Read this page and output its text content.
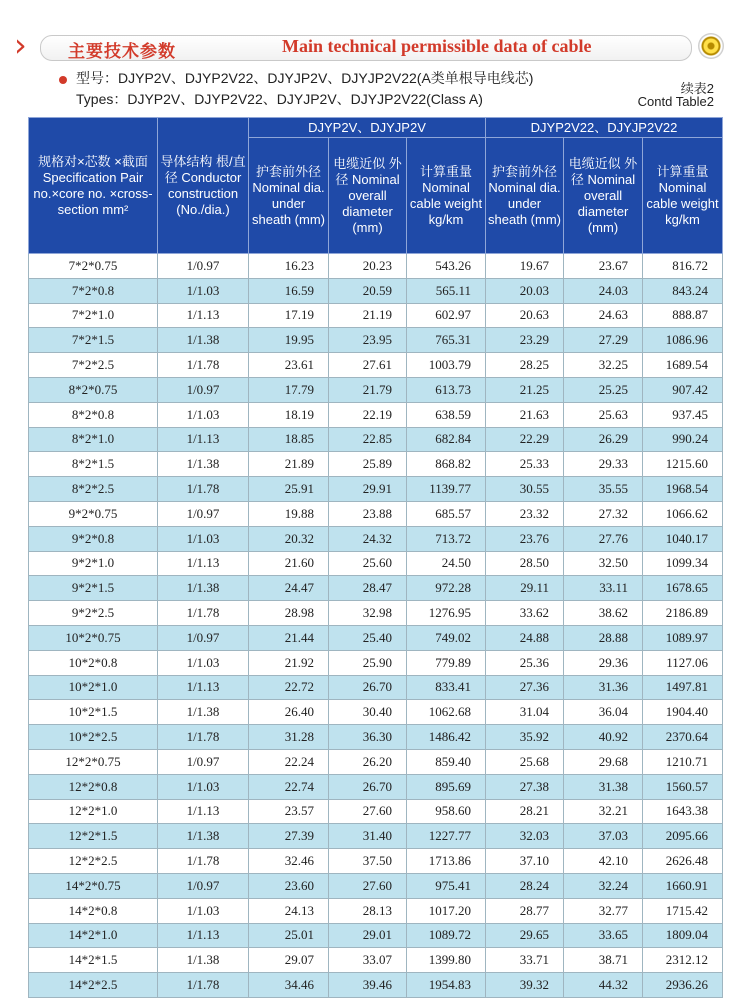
›	主要技术参数	Main technical permissible data of cable
型号：DJYP2V、DJYP2V22、DJYJP2V、DJYJP2V22(A类单根导电线芯)
Types：DJYP2V、DJYP2V22、DJYJP2V、DJYJP2V22(Class A)
续表2
Contd Table2
规格对×芯数 ×截面 Specification Pair no.×core no. ×cross-section mm²	导体结构 根/直径 Conductor construction (No./dia.)	DJYP2V、DJYJP2V			DJYP2V22、DJYJP2V22		
		护套前外径 Nominal dia. under sheath (mm)	电缆近似 外径 Nominal overall diameter (mm)	计算重量 Nominal cable weight kg/km	护套前外径 Nominal dia. under sheath (mm)	电缆近似 外径 Nominal overall diameter (mm)	计算重量 Nominal cable weight kg/km
7*2*0.75	1/0.97	16.23	20.23	543.26	19.67	23.67	816.72
7*2*0.8	1/1.03	16.59	20.59	565.11	20.03	24.03	843.24
7*2*1.0	1/1.13	17.19	21.19	602.97	20.63	24.63	888.87
7*2*1.5	1/1.38	19.95	23.95	765.31	23.29	27.29	1086.96
7*2*2.5	1/1.78	23.61	27.61	1003.79	28.25	32.25	1689.54
8*2*0.75	1/0.97	17.79	21.79	613.73	21.25	25.25	907.42
8*2*0.8	1/1.03	18.19	22.19	638.59	21.63	25.63	937.45
8*2*1.0	1/1.13	18.85	22.85	682.84	22.29	26.29	990.24
8*2*1.5	1/1.38	21.89	25.89	868.82	25.33	29.33	1215.60
8*2*2.5	1/1.78	25.91	29.91	1139.77	30.55	35.55	1968.54
9*2*0.75	1/0.97	19.88	23.88	685.57	23.32	27.32	1066.62
9*2*0.8	1/1.03	20.32	24.32	713.72	23.76	27.76	1040.17
9*2*1.0	1/1.13	21.60	25.60	24.50	28.50	32.50	1099.34
9*2*1.5	1/1.38	24.47	28.47	972.28	29.11	33.11	1678.65
9*2*2.5	1/1.78	28.98	32.98	1276.95	33.62	38.62	2186.89
10*2*0.75	1/0.97	21.44	25.40	749.02	24.88	28.88	1089.97
10*2*0.8	1/1.03	21.92	25.90	779.89	25.36	29.36	1127.06
10*2*1.0	1/1.13	22.72	26.70	833.41	27.36	31.36	1497.81
10*2*1.5	1/1.38	26.40	30.40	1062.68	31.04	36.04	1904.40
10*2*2.5	1/1.78	31.28	36.30	1486.42	35.92	40.92	2370.64
12*2*0.75	1/0.97	22.24	26.20	859.40	25.68	29.68	1210.71
12*2*0.8	1/1.03	22.74	26.70	895.69	27.38	31.38	1560.57
12*2*1.0	1/1.13	23.57	27.60	958.60	28.21	32.21	1643.38
12*2*1.5	1/1.38	27.39	31.40	1227.77	32.03	37.03	2095.66
12*2*2.5	1/1.78	32.46	37.50	1713.86	37.10	42.10	2626.48
14*2*0.75	1/0.97	23.60	27.60	975.41	28.24	32.24	1660.91
14*2*0.8	1/1.03	24.13	28.13	1017.20	28.77	32.77	1715.42
14*2*1.0	1/1.13	25.01	29.01	1089.72	29.65	33.65	1809.04
14*2*1.5	1/1.38	29.07	33.07	1399.80	33.71	38.71	2312.12
14*2*2.5	1/1.78	34.46	39.46	1954.83	39.32	44.32	2936.26
